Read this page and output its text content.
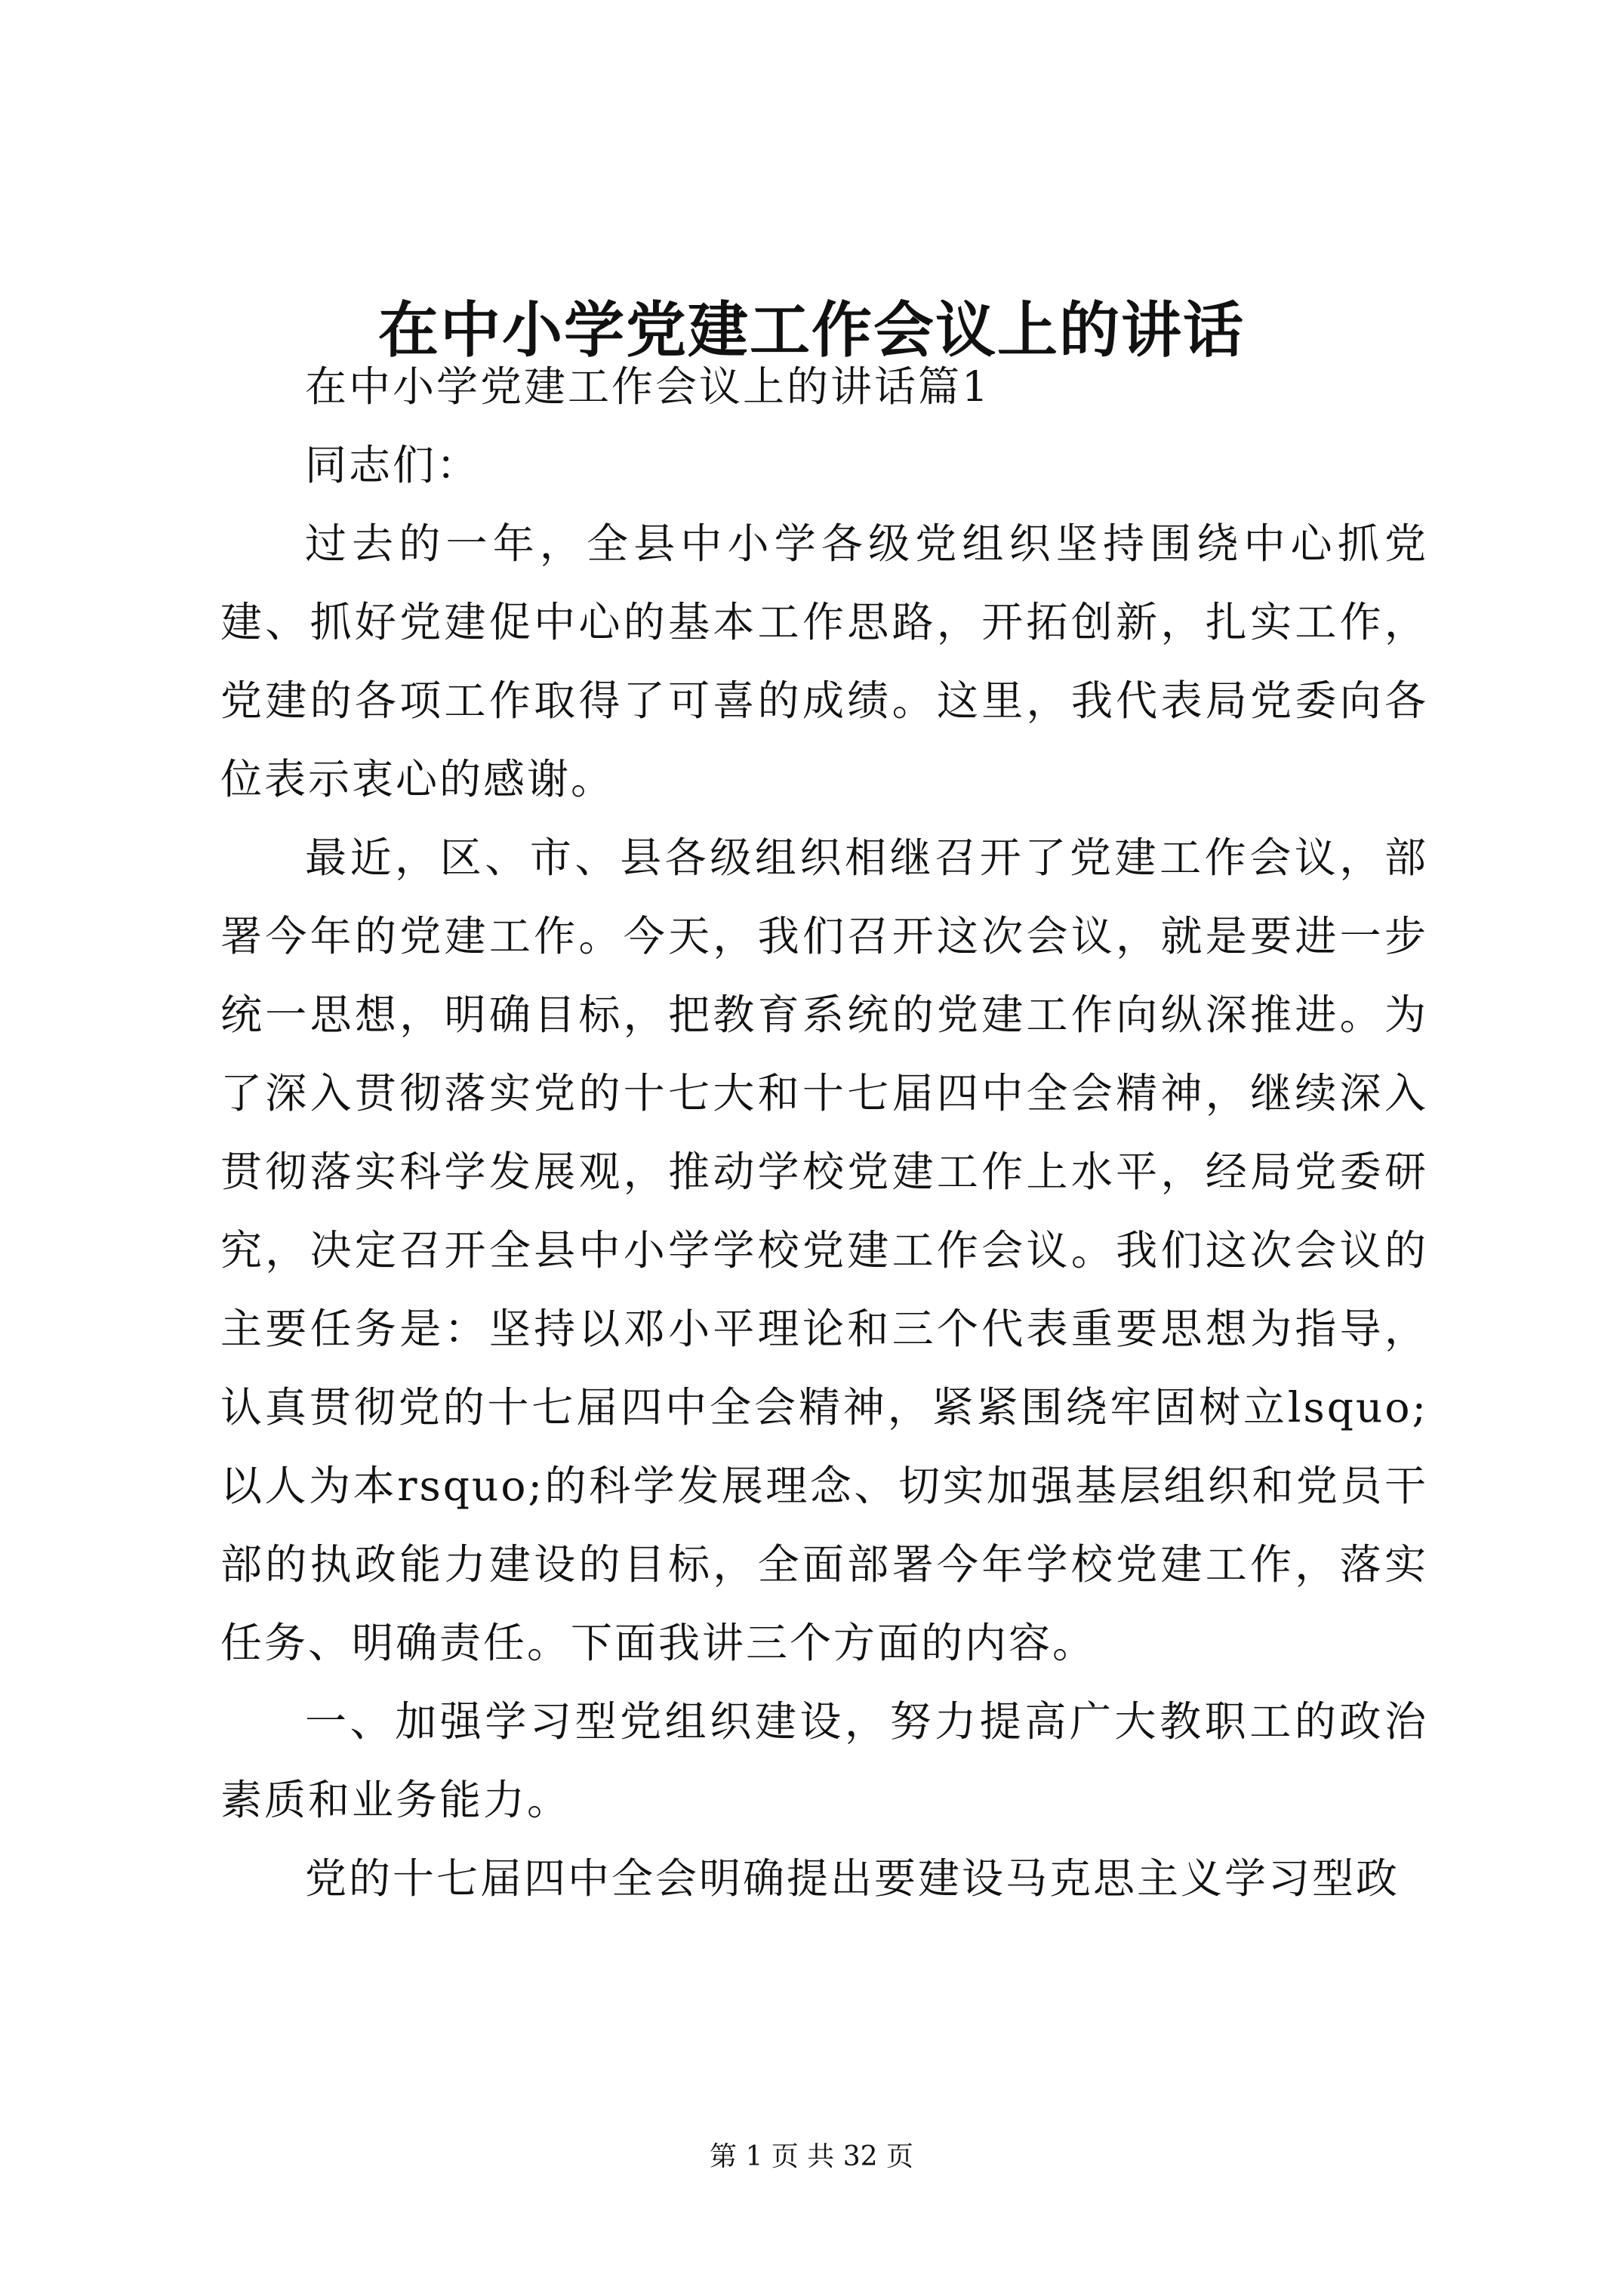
在中小学党建工作会议上的讲话

在中小学党建工作会议上的讲话篇1

同志们：

过去的一年，全县中小学各级党组织坚持围绕中心抓党建、抓好党建促中心的基本工作思路，开拓创新，扎实工作，党建的各项工作取得了可喜的成绩。这里，我代表局党委向各位表示衷心的感谢。

最近，区、市、县各级组织相继召开了党建工作会议，部署今年的党建工作。今天，我们召开这次会议，就是要进一步统一思想，明确目标，把教育系统的党建工作向纵深推进。为了深入贯彻落实党的十七大和十七届四中全会精神，继续深入贯彻落实科学发展观，推动学校党建工作上水平，经局党委研究，决定召开全县中小学学校党建工作会议。我们这次会议的主要任务是：坚持以邓小平理论和三个代表重要思想为指导，认真贯彻党的十七届四中全会精神，紧紧围绕牢固树立lsquo;以人为本rsquo;的科学发展理念、切实加强基层组织和党员干部的执政能力建设的目标，全面部署今年学校党建工作，落实任务、明确责任。下面我讲三个方面的内容。

一、加强学习型党组织建设，努力提高广大教职工的政治素质和业务能力。

党的十七届四中全会明确提出要建设马克思主义学习型政

第 1 页 共 32 页
